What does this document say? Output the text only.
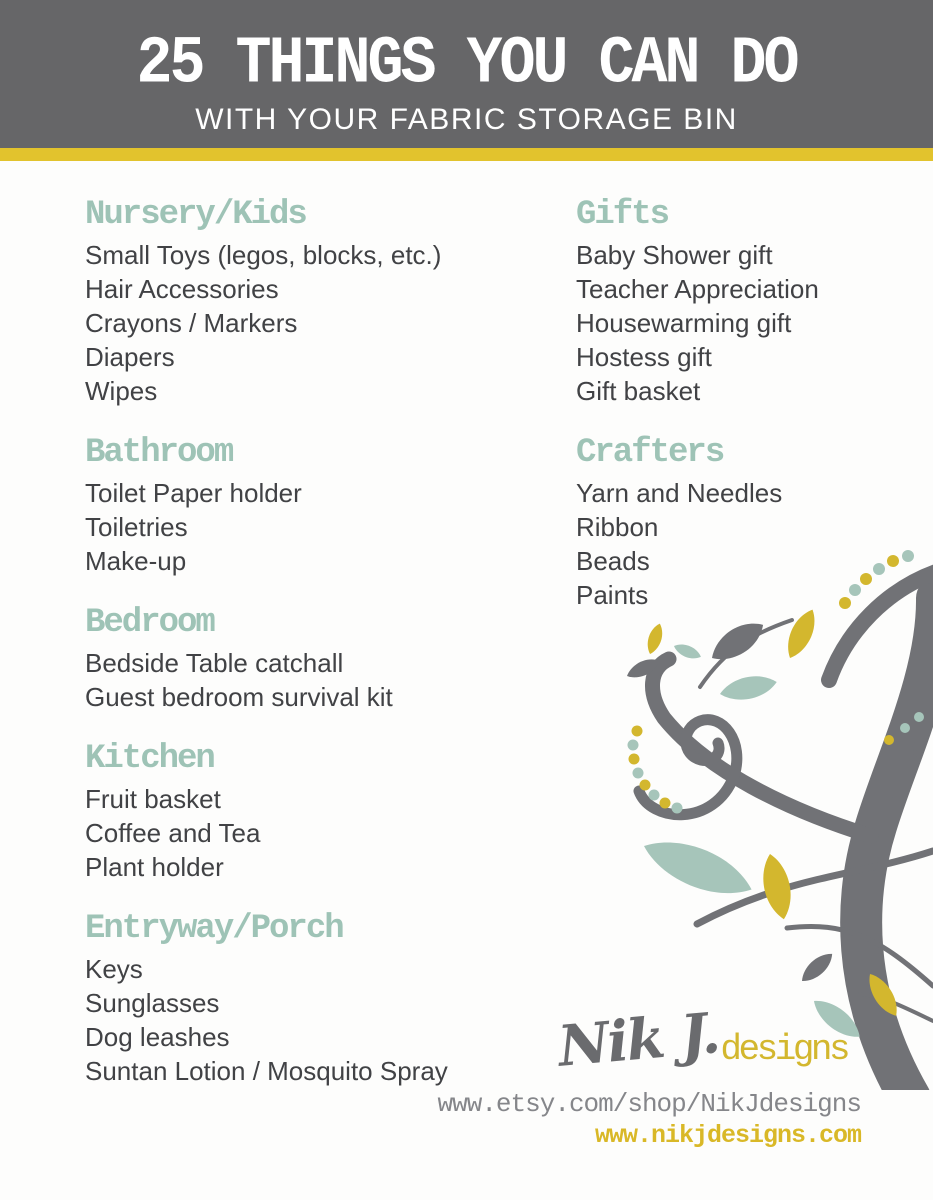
25 THINGS YOU CAN DO

WITH YOUR FABRIC STORAGE BIN

Nursery/Kids
Small Toys (legos, blocks, etc.)
Hair Accessories
Crayons / Markers
Diapers
Wipes
Bathroom
Toilet Paper holder
Toiletries
Make-up
Bedroom
Bedside Table catchall
Guest bedroom survival kit
Kitchen
Fruit basket
Coffee and Tea
Plant holder
Entryway/Porch
Keys
Sunglasses
Dog leashes
Suntan Lotion / Mosquito Spray
Gifts
Baby Shower gift
Teacher Appreciation
Housewarming gift
Hostess gift
Gift basket
Crafters
Yarn and Needles
Ribbon
Beads
Paints
Nik J. designs
www.etsy.com/shop/NikJdesigns
www.nikjdesigns.com
